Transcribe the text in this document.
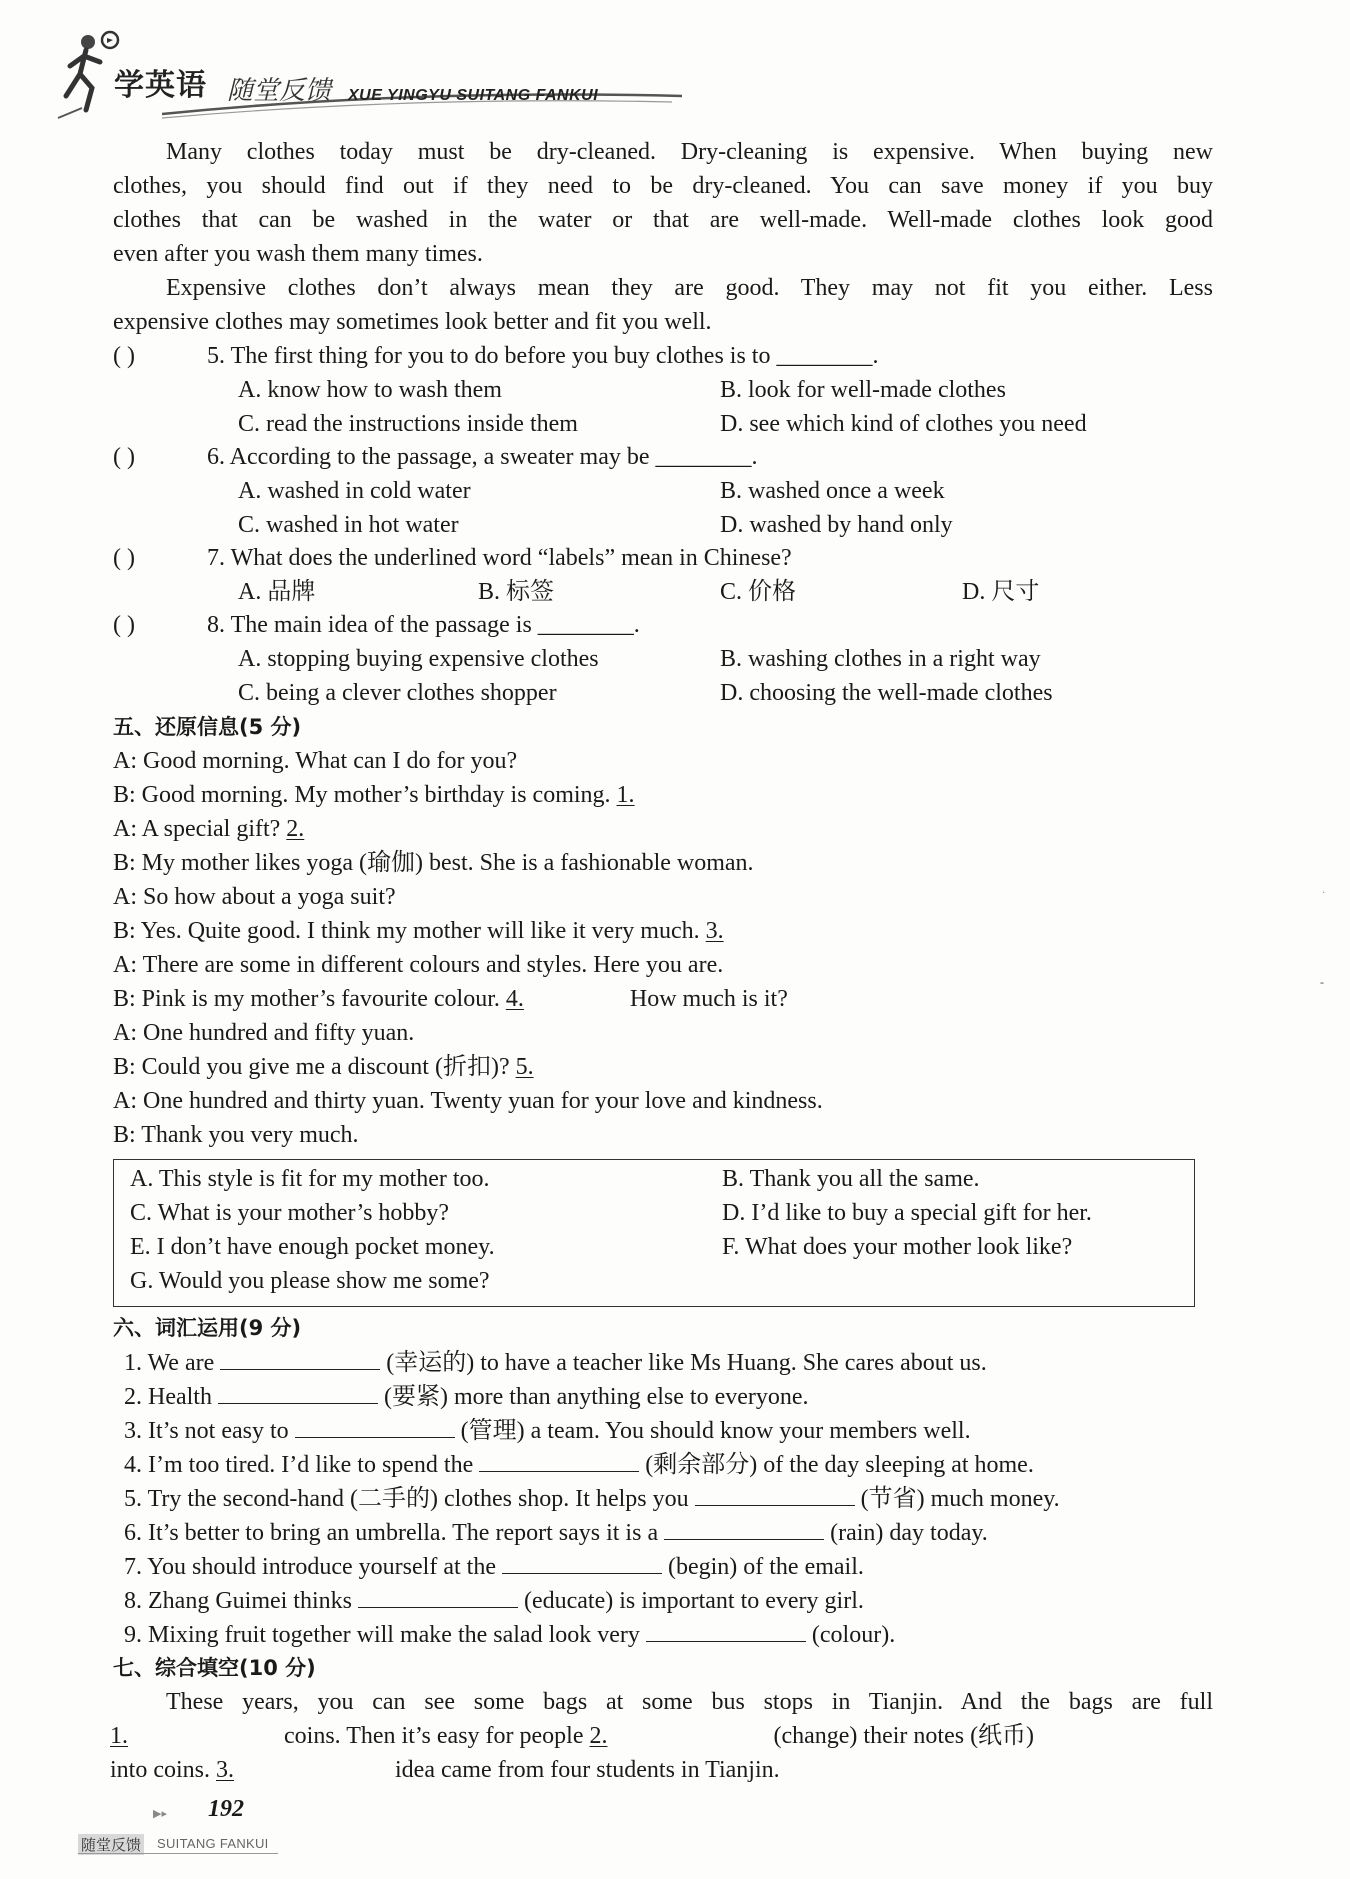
学英语 随堂反馈 XUE YINGYU SUITANG FANKUI
Many clothes today must be dry-cleaned. Dry-cleaning is expensive. When buying new
clothes, you should find out if they need to be dry-cleaned. You can save money if you buy
clothes that can be washed in the water or that are well-made. Well-made clothes look good
even after you wash them many times.
Expensive clothes don’t always mean they are good. They may not fit you either. Less
expensive clothes may sometimes look better and fit you well.
( )	5. The first thing for you to do before you buy clothes is to ________.
A. know how to wash them	B. look for well-made clothes
C. read the instructions inside them	D. see which kind of clothes you need
( )	6. According to the passage, a sweater may be ________.
A. washed in cold water	B. washed once a week
C. washed in hot water	D. washed by hand only
( )	7. What does the underlined word “labels” mean in Chinese?
A. 品牌	B. 标签	C. 价格	D. 尺寸
( )	8. The main idea of the passage is ________.
A. stopping buying expensive clothes	B. washing clothes in a right way
C. being a clever clothes shopper	D. choosing the well-made clothes
五、还原信息(5 分)
A: Good morning. What can I do for you?
B: Good morning. My mother’s birthday is coming. 1.
A: A special gift? 2.
B: My mother likes yoga (瑜伽) best. She is a fashionable woman.
A: So how about a yoga suit?
B: Yes. Quite good. I think my mother will like it very much. 3.
A: There are some in different colours and styles. Here you are.
B: Pink is my mother’s favourite colour. 4.	How much is it?
A: One hundred and fifty yuan.
B: Could you give me a discount (折扣)? 5.
A: One hundred and thirty yuan. Twenty yuan for your love and kindness.
B: Thank you very much.
A. This style is fit for my mother too.	B. Thank you all the same.
C. What is your mother’s hobby?	D. I’d like to buy a special gift for her.
E. I don’t have enough pocket money.	F. What does your mother look like?
G. Would you please show me some?
六、词汇运用(9 分)
1. We are	(幸运的) to have a teacher like Ms Huang. She cares about us.
2. Health	(要紧) more than anything else to everyone.
3. It’s not easy to	(管理) a team. You should know your members well.
4. I’m too tired. I’d like to spend the	(剩余部分) of the day sleeping at home.
5. Try the second-hand (二手的) clothes shop. It helps you	(节省) much money.
6. It’s better to bring an umbrella. The report says it is a	(rain) day today.
7. You should introduce yourself at the	(begin) of the email.
8. Zhang Guimei thinks	(educate) is important to every girl.
9. Mixing fruit together will make the salad look very	(colour).
七、综合填空(10 分)
These years, you can see some bags at some bus stops in Tianjin. And the bags are full
1.	coins. Then it’s easy for people 2.	(change) their notes (纸币)
into coins. 3.	idea came from four students in Tianjin.
▶▸ 192
随堂反馈 SUITANG FANKUI
·
-
